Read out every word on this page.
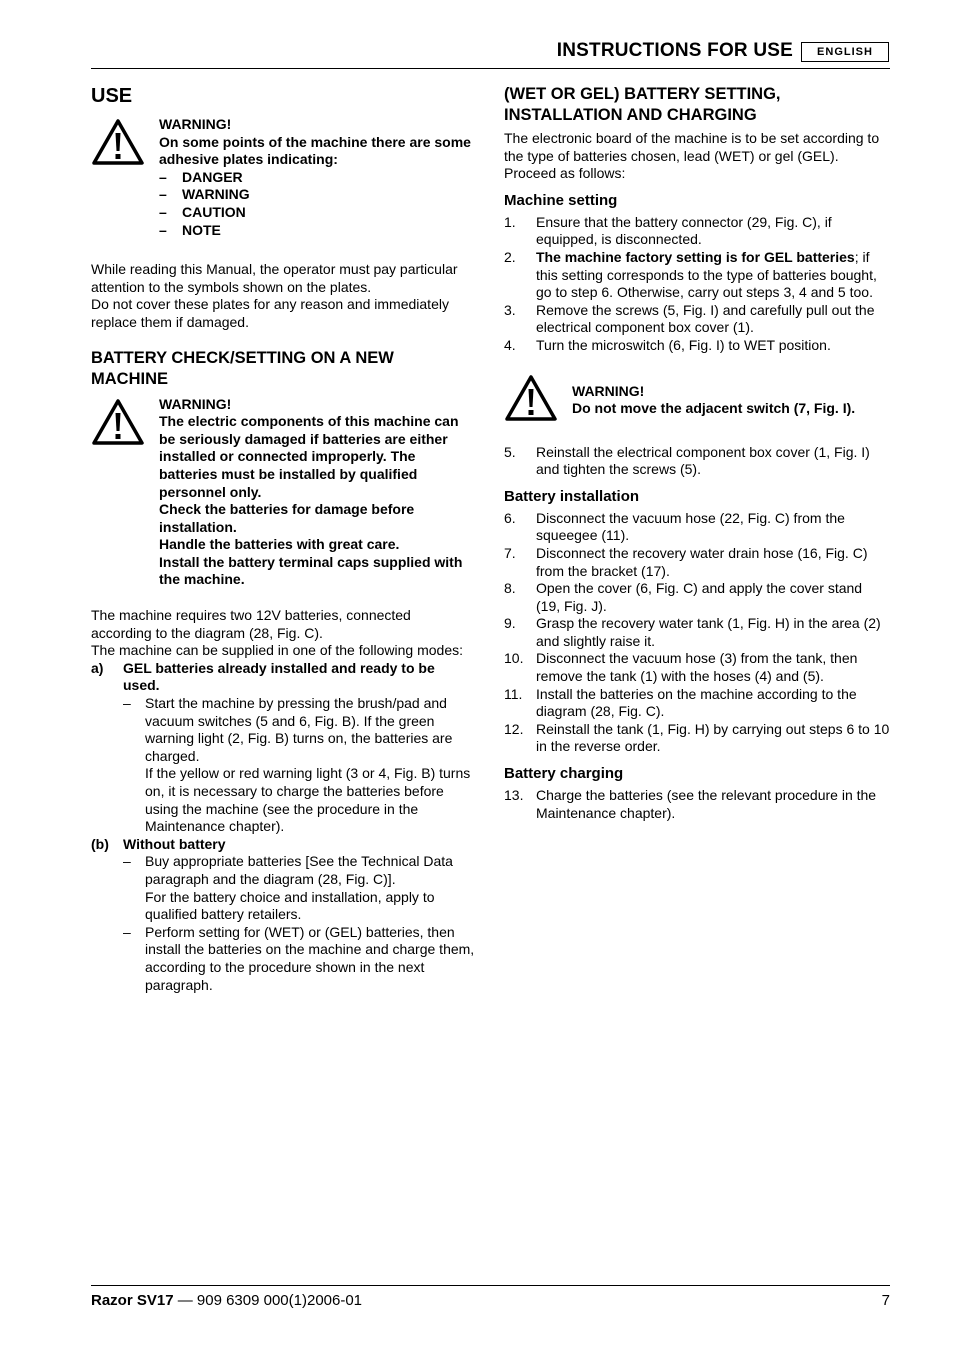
INSTRUCTIONS FOR USE	ENGLISH
USE

WARNING!

On some points of the machine there are some adhesive plates indicating:

–	DANGER
–	WARNING
–	CAUTION
–	NOTE

While reading this Manual, the operator must pay particular attention to the symbols shown on the plates.

Do not cover these plates for any reason and immediately replace them if damaged.

BATTERY CHECK/SETTING ON A NEW MACHINE

WARNING!

The electric components of this machine can be seriously damaged if batteries are either installed or connected improperly. The batteries must be installed by qualified personnel only.

Check the batteries for damage before installation.

Handle the batteries with great care.

Install the battery terminal caps supplied with the machine.

The machine requires two 12V batteries, connected according to the diagram (28, Fig. C).

The machine can be supplied in one of the following modes:

a)	GEL batteries already installed and ready to be used.
–	Start the machine by pressing the brush/pad and vacuum switches (5 and 6, Fig. B). If the green warning light (2, Fig. B) turns on, the batteries are charged.
If the yellow or red warning light (3 or 4, Fig. B) turns on, it is necessary to charge the batteries before using the machine (see the procedure in the Maintenance chapter).
(b)	Without battery
–	Buy appropriate batteries [See the Technical Data paragraph and the diagram (28, Fig. C)].
For the battery choice and installation, apply to qualified battery retailers.
–	Perform setting for (WET) or (GEL) batteries, then install the batteries on the machine and charge them, according to the procedure shown in the next paragraph.
(WET OR GEL) BATTERY SETTING, INSTALLATION AND CHARGING

The electronic board of the machine is to be set according to the type of batteries chosen, lead (WET) or gel (GEL). Proceed as follows:

Machine setting
1.	Ensure that the battery connector (29, Fig. C), if equipped, is disconnected.
2.	The machine factory setting is for GEL batteries; if this setting corresponds to the type of batteries bought, go to step 6. Otherwise, carry out steps 3, 4 and 5 too.
3.	Remove the screws (5, Fig. I) and carefully pull out the electrical component box cover (1).
4.	Turn the microswitch (6, Fig. I) to WET position.

WARNING!

Do not move the adjacent switch (7, Fig. I).

5.	Reinstall the electrical component box cover (1, Fig. I) and tighten the screws (5).
Battery installation
6.	Disconnect the vacuum hose (22, Fig. C) from the squeegee (11).
7.	Disconnect the recovery water drain hose (16, Fig. C) from the bracket (17).
8.	Open the cover (6, Fig. C) and apply the cover stand (19, Fig. J).
9.	Grasp the recovery water tank (1, Fig. H) in the area (2) and slightly raise it.
10. Disconnect the vacuum hose (3) from the tank, then remove the tank (1) with the hoses (4) and (5).
11. Install the batteries on the machine according to the diagram (28, Fig. C).
12. Reinstall the tank (1, Fig. H) by carrying out steps 6 to 10 in the reverse order.
Battery charging
13. Charge the batteries (see the relevant procedure in the Maintenance chapter).
Razor SV17 — 909 6309 000(1)2006-01	7
